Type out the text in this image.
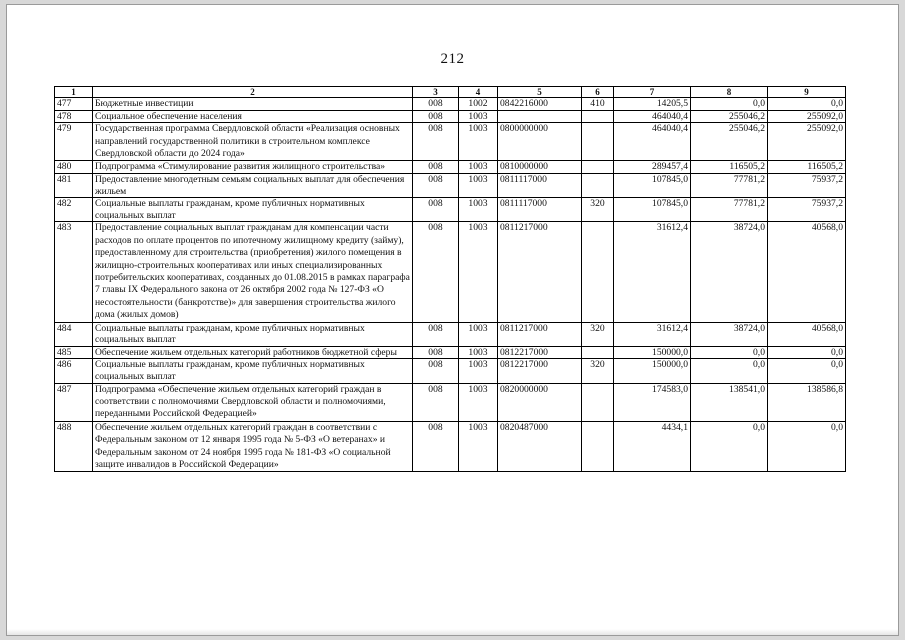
212
1	2	3	4	5	6	7	8	9
477	Бюджетные инвестиции	008	1002	0842216000	410	14205,5	0,0	0,0
478	Социальное обеспечение населения	008	1003			464040,4	255046,2	255092,0
479	Государственная программа Свердловской области «Реализация основных направлений государственной политики в строительном комплексе Свердловской области до 2024 года»	008	1003	0800000000		464040,4	255046,2	255092,0
480	Подпрограмма «Стимулирование развития жилищного строительства»	008	1003	0810000000		289457,4	116505,2	116505,2
481	Предоставление многодетным семьям социальных выплат для обеспечения жильем	008	1003	0811117000		107845,0	77781,2	75937,2
482	Социальные выплаты гражданам, кроме публичных нормативных социальных выплат	008	1003	0811117000	320	107845,0	77781,2	75937,2
483	Предоставление социальных выплат гражданам для компенсации части расходов по оплате процентов по ипотечному жилищному кредиту (займу), предоставленному для строительства (приобретения) жилого помещения в жилищно-строительных кооперативах или иных специализированных потребительских кооперативах, созданных до 01.08.2015 в рамках параграфа 7 главы IX Федерального закона от 26 октября 2002 года № 127-ФЗ «О несостоятельности (банкротстве)» для завершения строительства жилого дома (жилых домов)	008	1003	0811217000		31612,4	38724,0	40568,0
484	Социальные выплаты гражданам, кроме публичных нормативных социальных выплат	008	1003	0811217000	320	31612,4	38724,0	40568,0
485	Обеспечение жильем отдельных категорий работников бюджетной сферы	008	1003	0812217000		150000,0	0,0	0,0
486	Социальные выплаты гражданам, кроме публичных нормативных социальных выплат	008	1003	0812217000	320	150000,0	0,0	0,0
487	Подпрограмма «Обеспечение жильем отдельных категорий граждан в соответствии с полномочиями Свердловской области и полномочиями, переданными Российской Федерацией»	008	1003	0820000000		174583,0	138541,0	138586,8
488	Обеспечение жильем отдельных категорий граждан в соответствии с Федеральным законом от 12 января 1995 года № 5-ФЗ «О ветеранах» и Федеральным законом от 24 ноября 1995 года № 181-ФЗ «О социальной защите инвалидов в Российской Федерации»	008	1003	0820487000		4434,1	0,0	0,0
